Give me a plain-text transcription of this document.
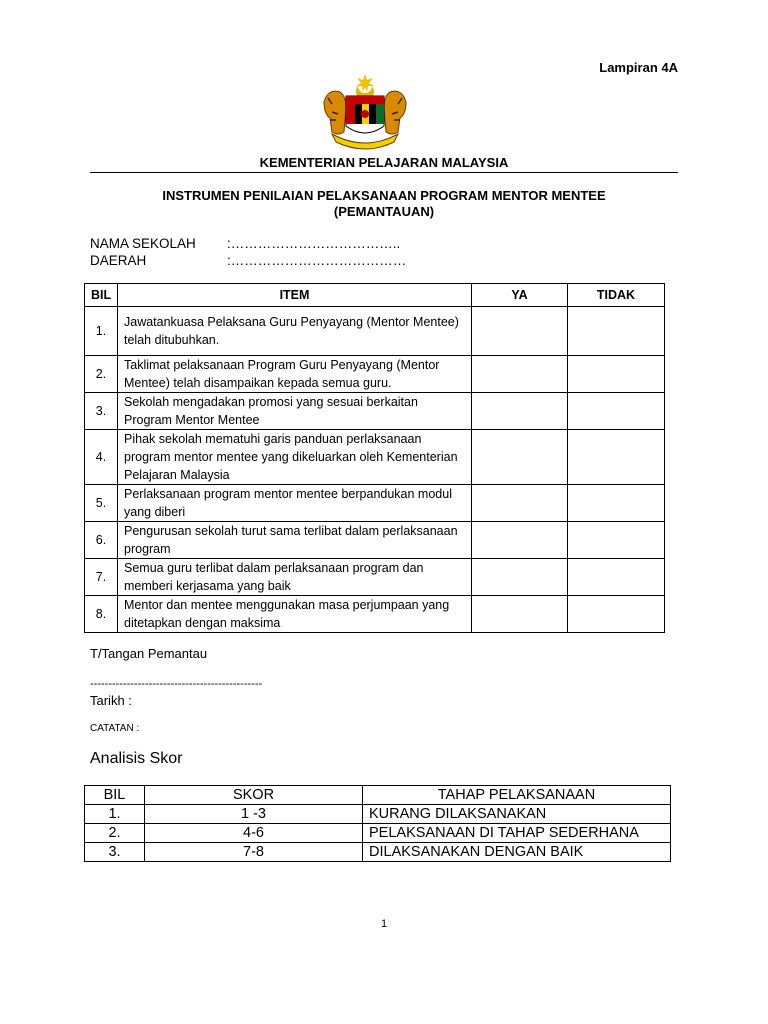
Lampiran 4A
KEMENTERIAN PELAJARAN MALAYSIA
INSTRUMEN PENILAIAN PELAKSANAAN PROGRAM MENTOR MENTEE
(PEMANTAUAN)
NAMA SEKOLAH :………………………………..
DAERAH	:…………………………………
BIL	ITEM	YA	TIDAK
1.	Jawatankuasa Pelaksana Guru Penyayang (Mentor Mentee) telah ditubuhkan.		
2.	Taklimat pelaksanaan Program Guru Penyayang (Mentor Mentee) telah disampaikan kepada semua guru.		
3.	Sekolah mengadakan promosi yang sesuai berkaitan Program Mentor Mentee		
4.	Pihak sekolah mematuhi garis panduan perlaksanaan program mentor mentee yang dikeluarkan oleh Kementerian Pelajaran Malaysia		
5.	Perlaksanaan program mentor mentee berpandukan modul yang diberi		
6.	Pengurusan sekolah turut sama terlibat dalam perlaksanaan program		
7.	Semua guru terlibat dalam perlaksanaan program dan memberi kerjasama yang baik		
8.	Mentor dan mentee menggunakan masa perjumpaan yang ditetapkan dengan maksima		
T/Tangan Pemantau
-----------------------------------------------
Tarikh :
CATATAN :
Analisis Skor
BIL	SKOR	TAHAP PELAKSANAAN
1.	1 -3	KURANG DILAKSANAKAN
2.	4-6	PELAKSANAAN DI TAHAP SEDERHANA
3.	7-8	DILAKSANAKAN DENGAN BAIK
1
